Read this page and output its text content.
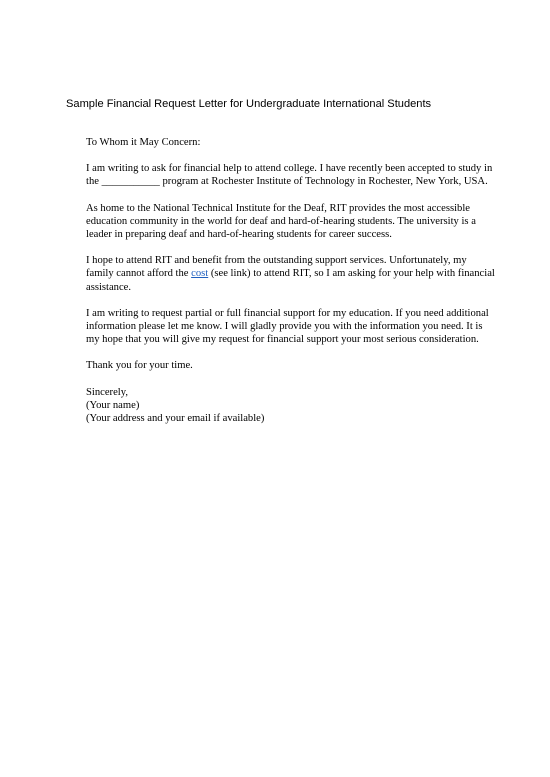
Sample Financial Request Letter for Undergraduate International Students

To Whom it May Concern:

I am writing to ask for financial help to attend college. I have recently been accepted to study in the ___________ program at Rochester Institute of Technology in Rochester, New York, USA.

As home to the National Technical Institute for the Deaf, RIT provides the most accessible education community in the world for deaf and hard-of-hearing students. The university is a leader in preparing deaf and hard-of-hearing students for career success.

I hope to attend RIT and benefit from the outstanding support services. Unfortunately, my family cannot afford the cost (see link) to attend RIT, so I am asking for your help with financial assistance.

I am writing to request partial or full financial support for my education. If you need additional information please let me know. I will gladly provide you with the information you need. It is my hope that you will give my request for financial support your most serious consideration.

Thank you for your time.

Sincerely,
(Your name)
(Your address and your email if available)
